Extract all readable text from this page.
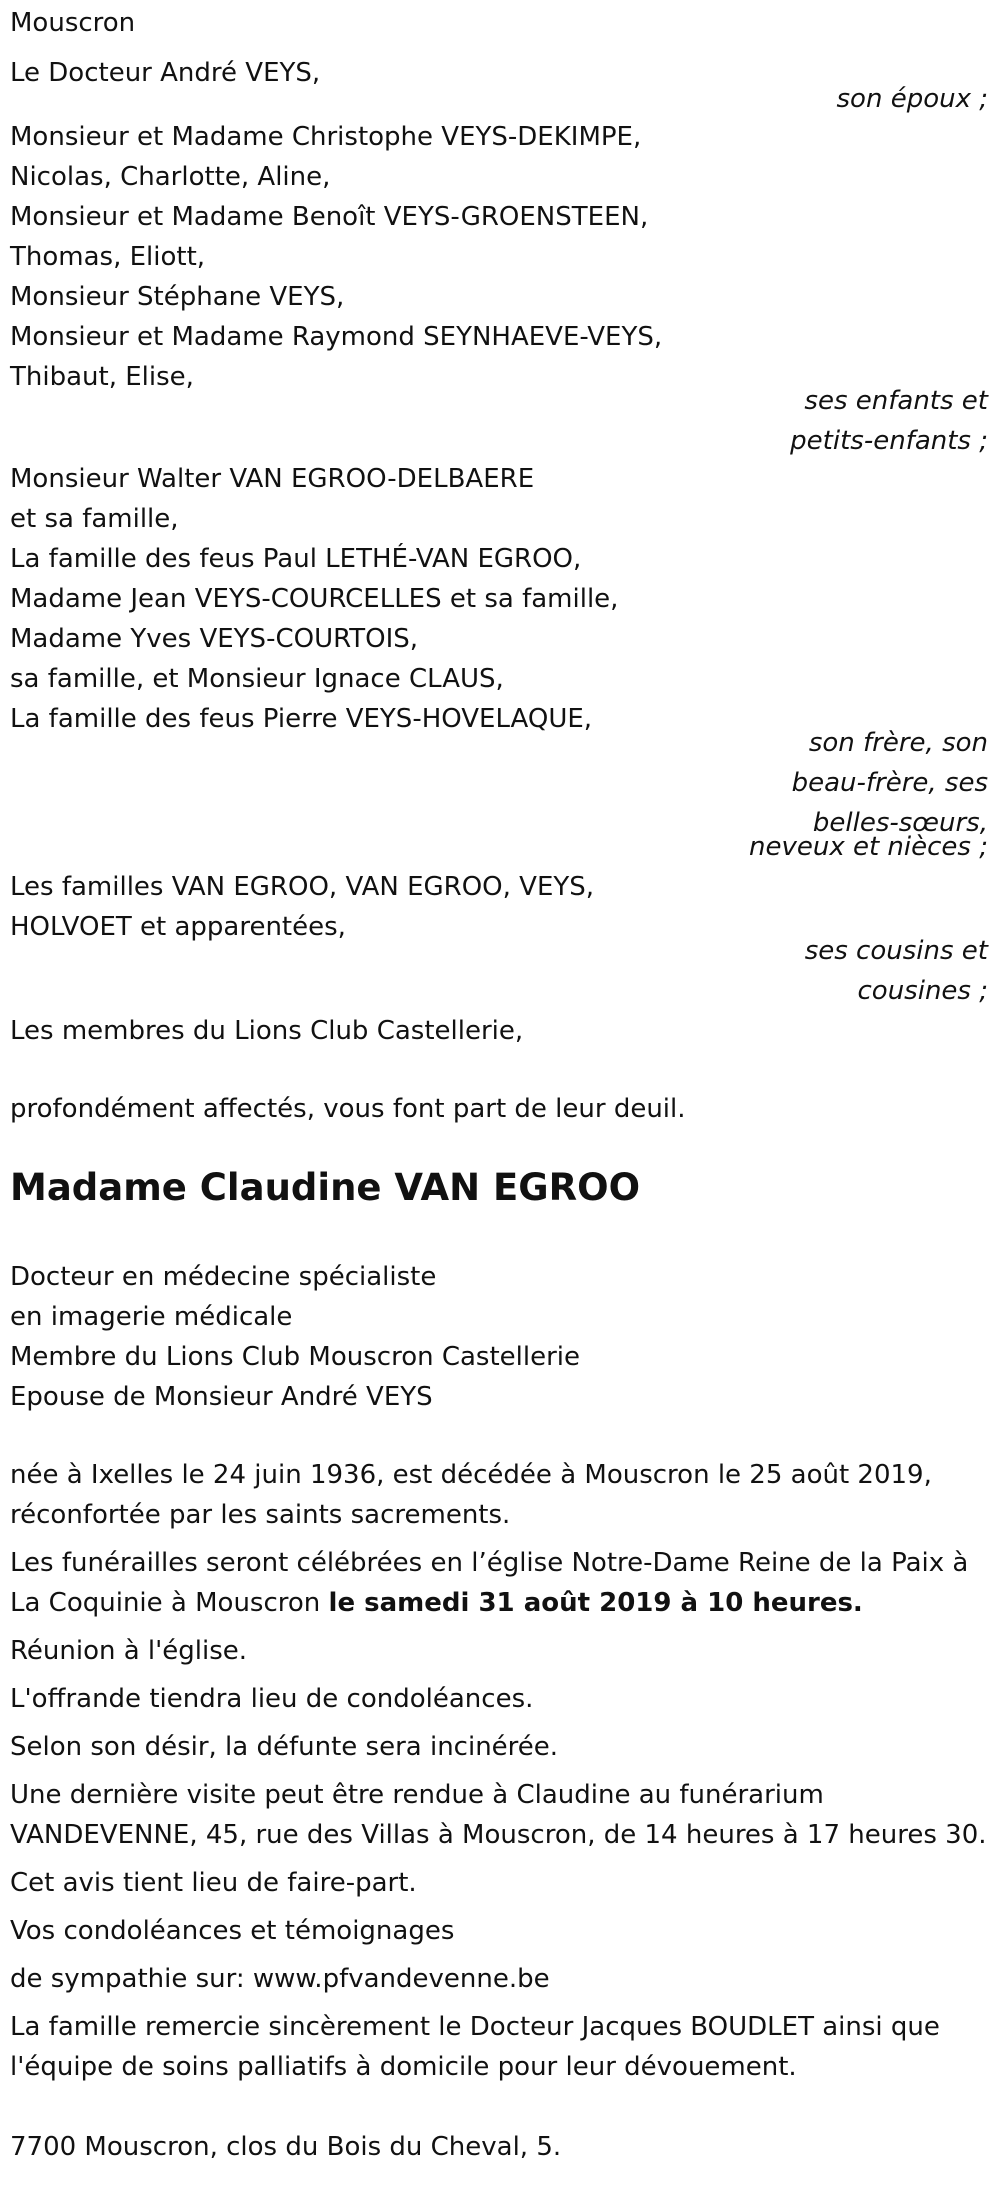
Mouscron
Le Docteur André VEYS,
son époux ;
Monsieur et Madame Christophe VEYS-DEKIMPE,
Nicolas, Charlotte, Aline,
Monsieur et Madame Benoît VEYS-GROENSTEEN,
Thomas, Eliott,
Monsieur Stéphane VEYS,
Monsieur et Madame Raymond SEYNHAEVE-VEYS,
Thibaut, Elise,
ses enfants et
petits-enfants ;
Monsieur Walter VAN EGROO-DELBAERE
et sa famille,
La famille des feus Paul LETHÉ-VAN EGROO,
Madame Jean VEYS-COURCELLES et sa famille,
Madame Yves VEYS-COURTOIS,
sa famille, et Monsieur Ignace CLAUS,
La famille des feus Pierre VEYS-HOVELAQUE,
son frère, son
beau-frère, ses
belles-sœurs,
neveux et nièces ;
Les familles VAN EGROO, VAN EGROO, VEYS,
HOLVOET et apparentées,
ses cousins et
cousines ;
Les membres du Lions Club Castellerie,
profondément affectés, vous font part de leur deuil.
Madame Claudine VAN EGROO
Docteur en médecine spécialiste
en imagerie médicale
Membre du Lions Club Mouscron Castellerie
Epouse de Monsieur André VEYS
née à Ixelles le 24 juin 1936, est décédée à Mouscron le 25 août 2019,
réconfortée par les saints sacrements.
Les funérailles seront célébrées en l’église Notre-Dame Reine de la Paix à
La Coquinie à Mouscron le samedi 31 août 2019 à 10 heures.
Réunion à l'église.
L'offrande tiendra lieu de condoléances.
Selon son désir, la défunte sera incinérée.
Une dernière visite peut être rendue à Claudine au funérarium
VANDEVENNE, 45, rue des Villas à Mouscron, de 14 heures à 17 heures 30.
Cet avis tient lieu de faire-part.
Vos condoléances et témoignages
de sympathie sur: www.pfvandevenne.be
La famille remercie sincèrement le Docteur Jacques BOUDLET ainsi que
l'équipe de soins palliatifs à domicile pour leur dévouement.
7700 Mouscron, clos du Bois du Cheval, 5.
